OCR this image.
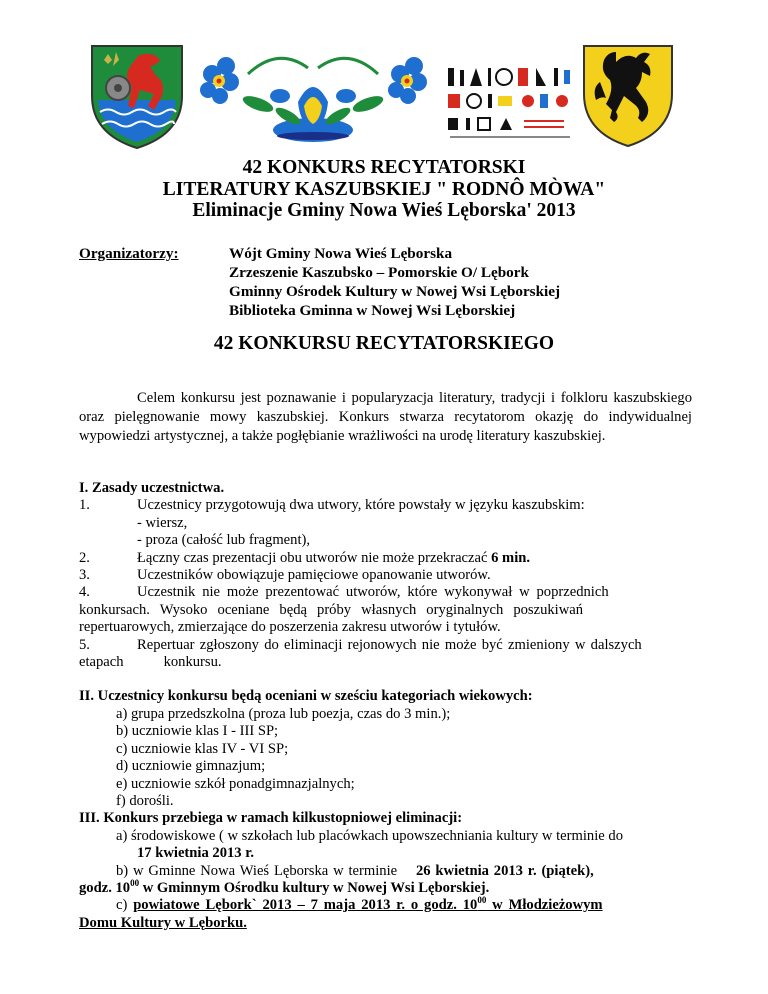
42 KONKURS RECYTATORSKI
LITERATURY KASZUBSKIEJ " RODNÔ MÒWA"
Eliminacje Gminy Nowa Wieś Lęborska' 2013
Organizatorzy:	Wójt Gminy Nowa Wieś Lęborska
Zrzeszenie Kaszubsko – Pomorskie O/ Lębork
Gminny Ośrodek Kultury w Nowej Wsi Lęborskiej
Biblioteka Gminna w Nowej Wsi Lęborskiej
42 KONKURSU RECYTATORSKIEGO
Celem konkursu jest poznawanie i popularyzacja literatury, tradycji i folkloru kaszubskiego oraz pielęgnowanie mowy kaszubskiej. Konkurs stwarza recytatorom okazję do indywidualnej wypowiedzi artystycznej, a także pogłębianie wrażliwości na urodę literatury kaszubskiej.
I. Zasady uczestnictwa.
1.	Uczestnicy przygotowują dwa utwory, które powstały w języku kaszubskim:
- wiersz,
- proza (całość lub fragment),
2.	Łączny czas prezentacji obu utworów nie może przekraczać 6 min.
3.	Uczestników obowiązuje pamięciowe opanowanie utworów.
4.	Uczestnik nie może prezentować utworów, które wykonywał w poprzednich
konkursach. Wysoko oceniane będą próby własnych oryginalnych poszukiwań
repertuarowych, zmierzające do poszerzenia zakresu utworów i tytułów.
5.	Repertuar zgłoszony do eliminacji rejonowych nie może być zmieniony w dalszych
etapach	konkursu.
II. Uczestnicy konkursu będą oceniani w sześciu kategoriach wiekowych:
a) grupa przedszkolna (proza lub poezja, czas do 3 min.);
b) uczniowie klas I - III SP;
c) uczniowie klas IV - VI SP;
d) uczniowie gimnazjum;
e) uczniowie szkół ponadgimnazjalnych;
f) dorośli.
III. Konkurs przebiega w ramach kilkustopniowej eliminacji:
a) środowiskowe ( w szkołach lub placówkach upowszechniania kultury w terminie do
17 kwietnia 2013 r.
b) w Gminne Nowa Wieś Lęborska w terminie 26 kwietnia 2013 r. (piątek),
godz. $10^{00}$ w Gminnym Ośrodku kultury w Nowej Wsi Lęborskiej.
c) powiatowe Lębork` 2013 – 7 maja 2013 r. o godz. $10^{00}$ w Młodzieżowym
Domu Kultury w Lęborku.
